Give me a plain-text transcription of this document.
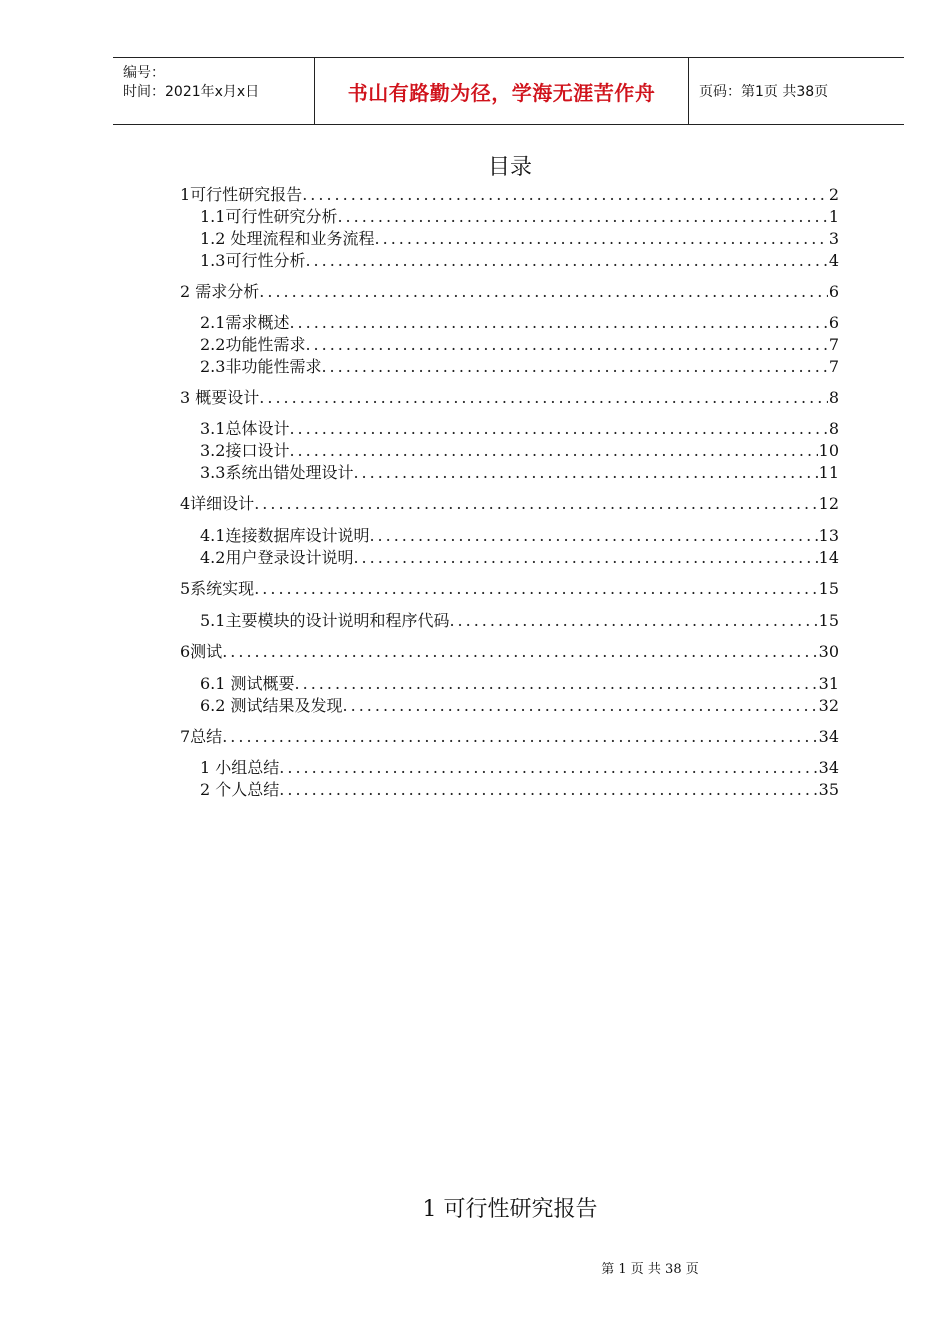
编号：
时间：2021年x月x日	书山有路勤为径，学海无涯苦作舟	页码：第1页 共38页
目录
1可行性研究报告 .....	2
1.1可行性研究分析 .....	1
1.2 处理流程和业务流程 .....	3
1.3可行性分析 .....	4
2 需求分析 .....	6
2.1需求概述 .....	6
2.2功能性需求 .....	7
2.3非功能性需求 .....	7
3 概要设计 .....	8
3.1总体设计 .....	8
3.2接口设计 .....	10
3.3系统出错处理设计 .....	11
4详细设计 .....	12
4.1连接数据库设计说明 .....	13
4.2用户登录设计说明 .....	14
5系统实现 .....	15
5.1主要模块的设计说明和程序代码 .....	15
6测试 .....	30
6.1 测试概要 .....	31
6.2 测试结果及发现 .....	32
7总结 .....	34
1 小组总结 .....	34
2 个人总结 .....	35
1 可行性研究报告
第 1 页 共 38 页
